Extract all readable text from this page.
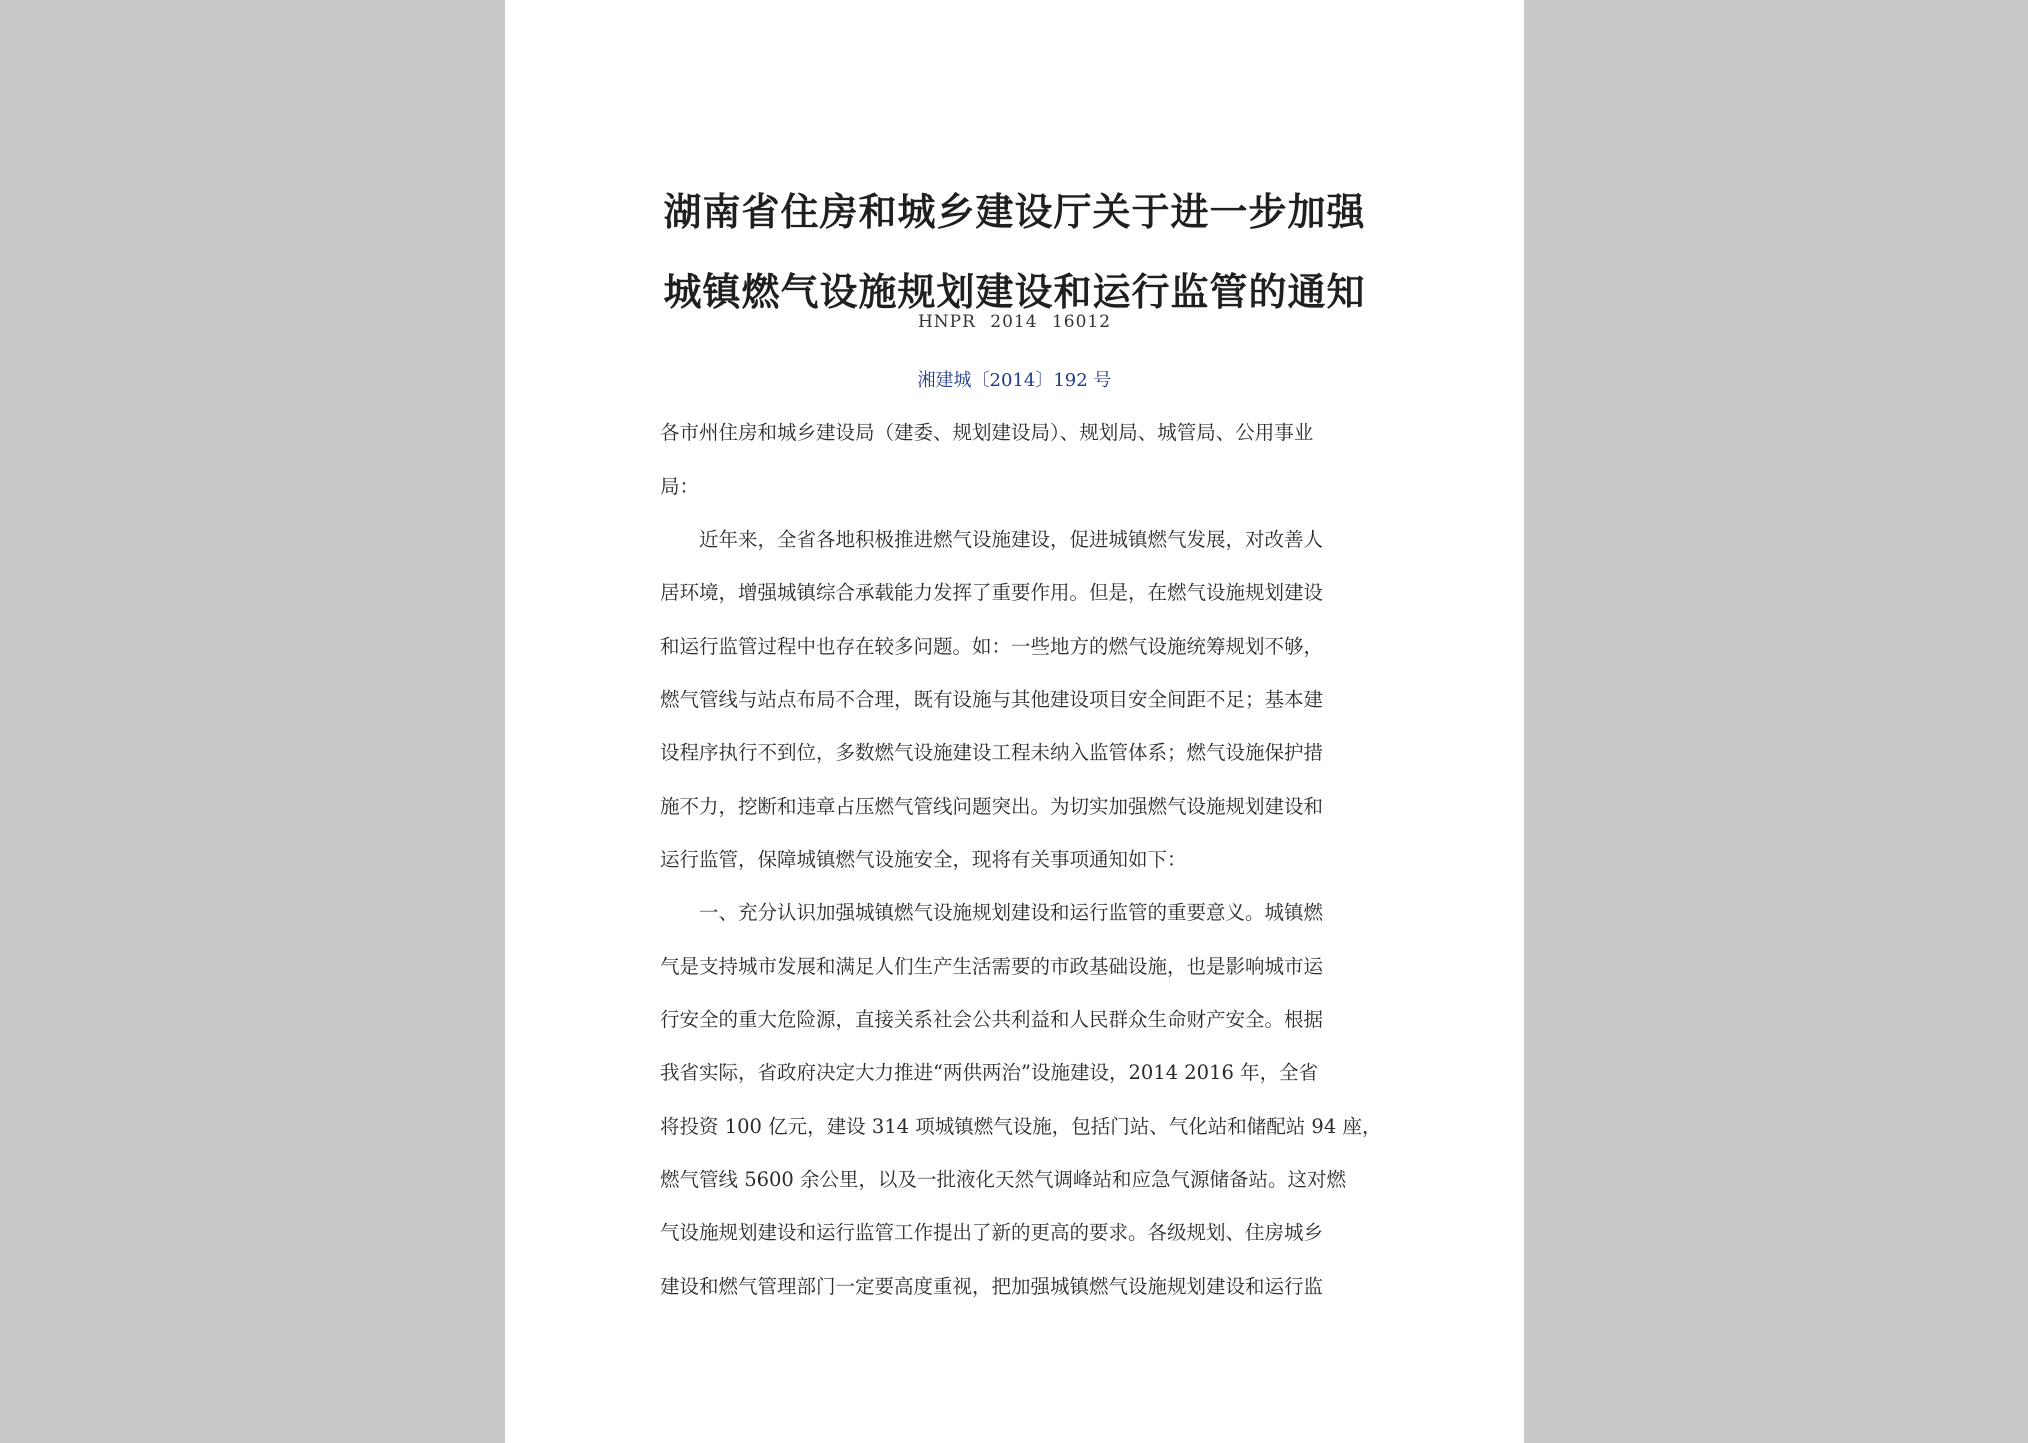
湖南省住房和城乡建设厅关于进一步加强
城镇燃气设施规划建设和运行监管的通知
HNPR 2014 16012
湘建城〔2014〕192 号
各市州住房和城乡建设局（建委、规划建设局）、规划局、城管局、公用事业
局：
近年来，全省各地积极推进燃气设施建设，促进城镇燃气发展，对改善人
居环境，增强城镇综合承载能力发挥了重要作用。但是，在燃气设施规划建设
和运行监管过程中也存在较多问题。如：一些地方的燃气设施统筹规划不够，
燃气管线与站点布局不合理，既有设施与其他建设项目安全间距不足；基本建
设程序执行不到位，多数燃气设施建设工程未纳入监管体系；燃气设施保护措
施不力，挖断和违章占压燃气管线问题突出。为切实加强燃气设施规划建设和
运行监管，保障城镇燃气设施安全，现将有关事项通知如下：
一、充分认识加强城镇燃气设施规划建设和运行监管的重要意义。城镇燃
气是支持城市发展和满足人们生产生活需要的市政基础设施，也是影响城市运
行安全的重大危险源，直接关系社会公共利益和人民群众生命财产安全。根据
我省实际，省政府决定大力推进“两供两治”设施建设，2014 2016 年，全省
将投资 100 亿元，建设 314 项城镇燃气设施，包括门站、气化站和储配站 94 座，
燃气管线 5600 余公里，以及一批液化天然气调峰站和应急气源储备站。这对燃
气设施规划建设和运行监管工作提出了新的更高的要求。各级规划、住房城乡
建设和燃气管理部门一定要高度重视，把加强城镇燃气设施规划建设和运行监
